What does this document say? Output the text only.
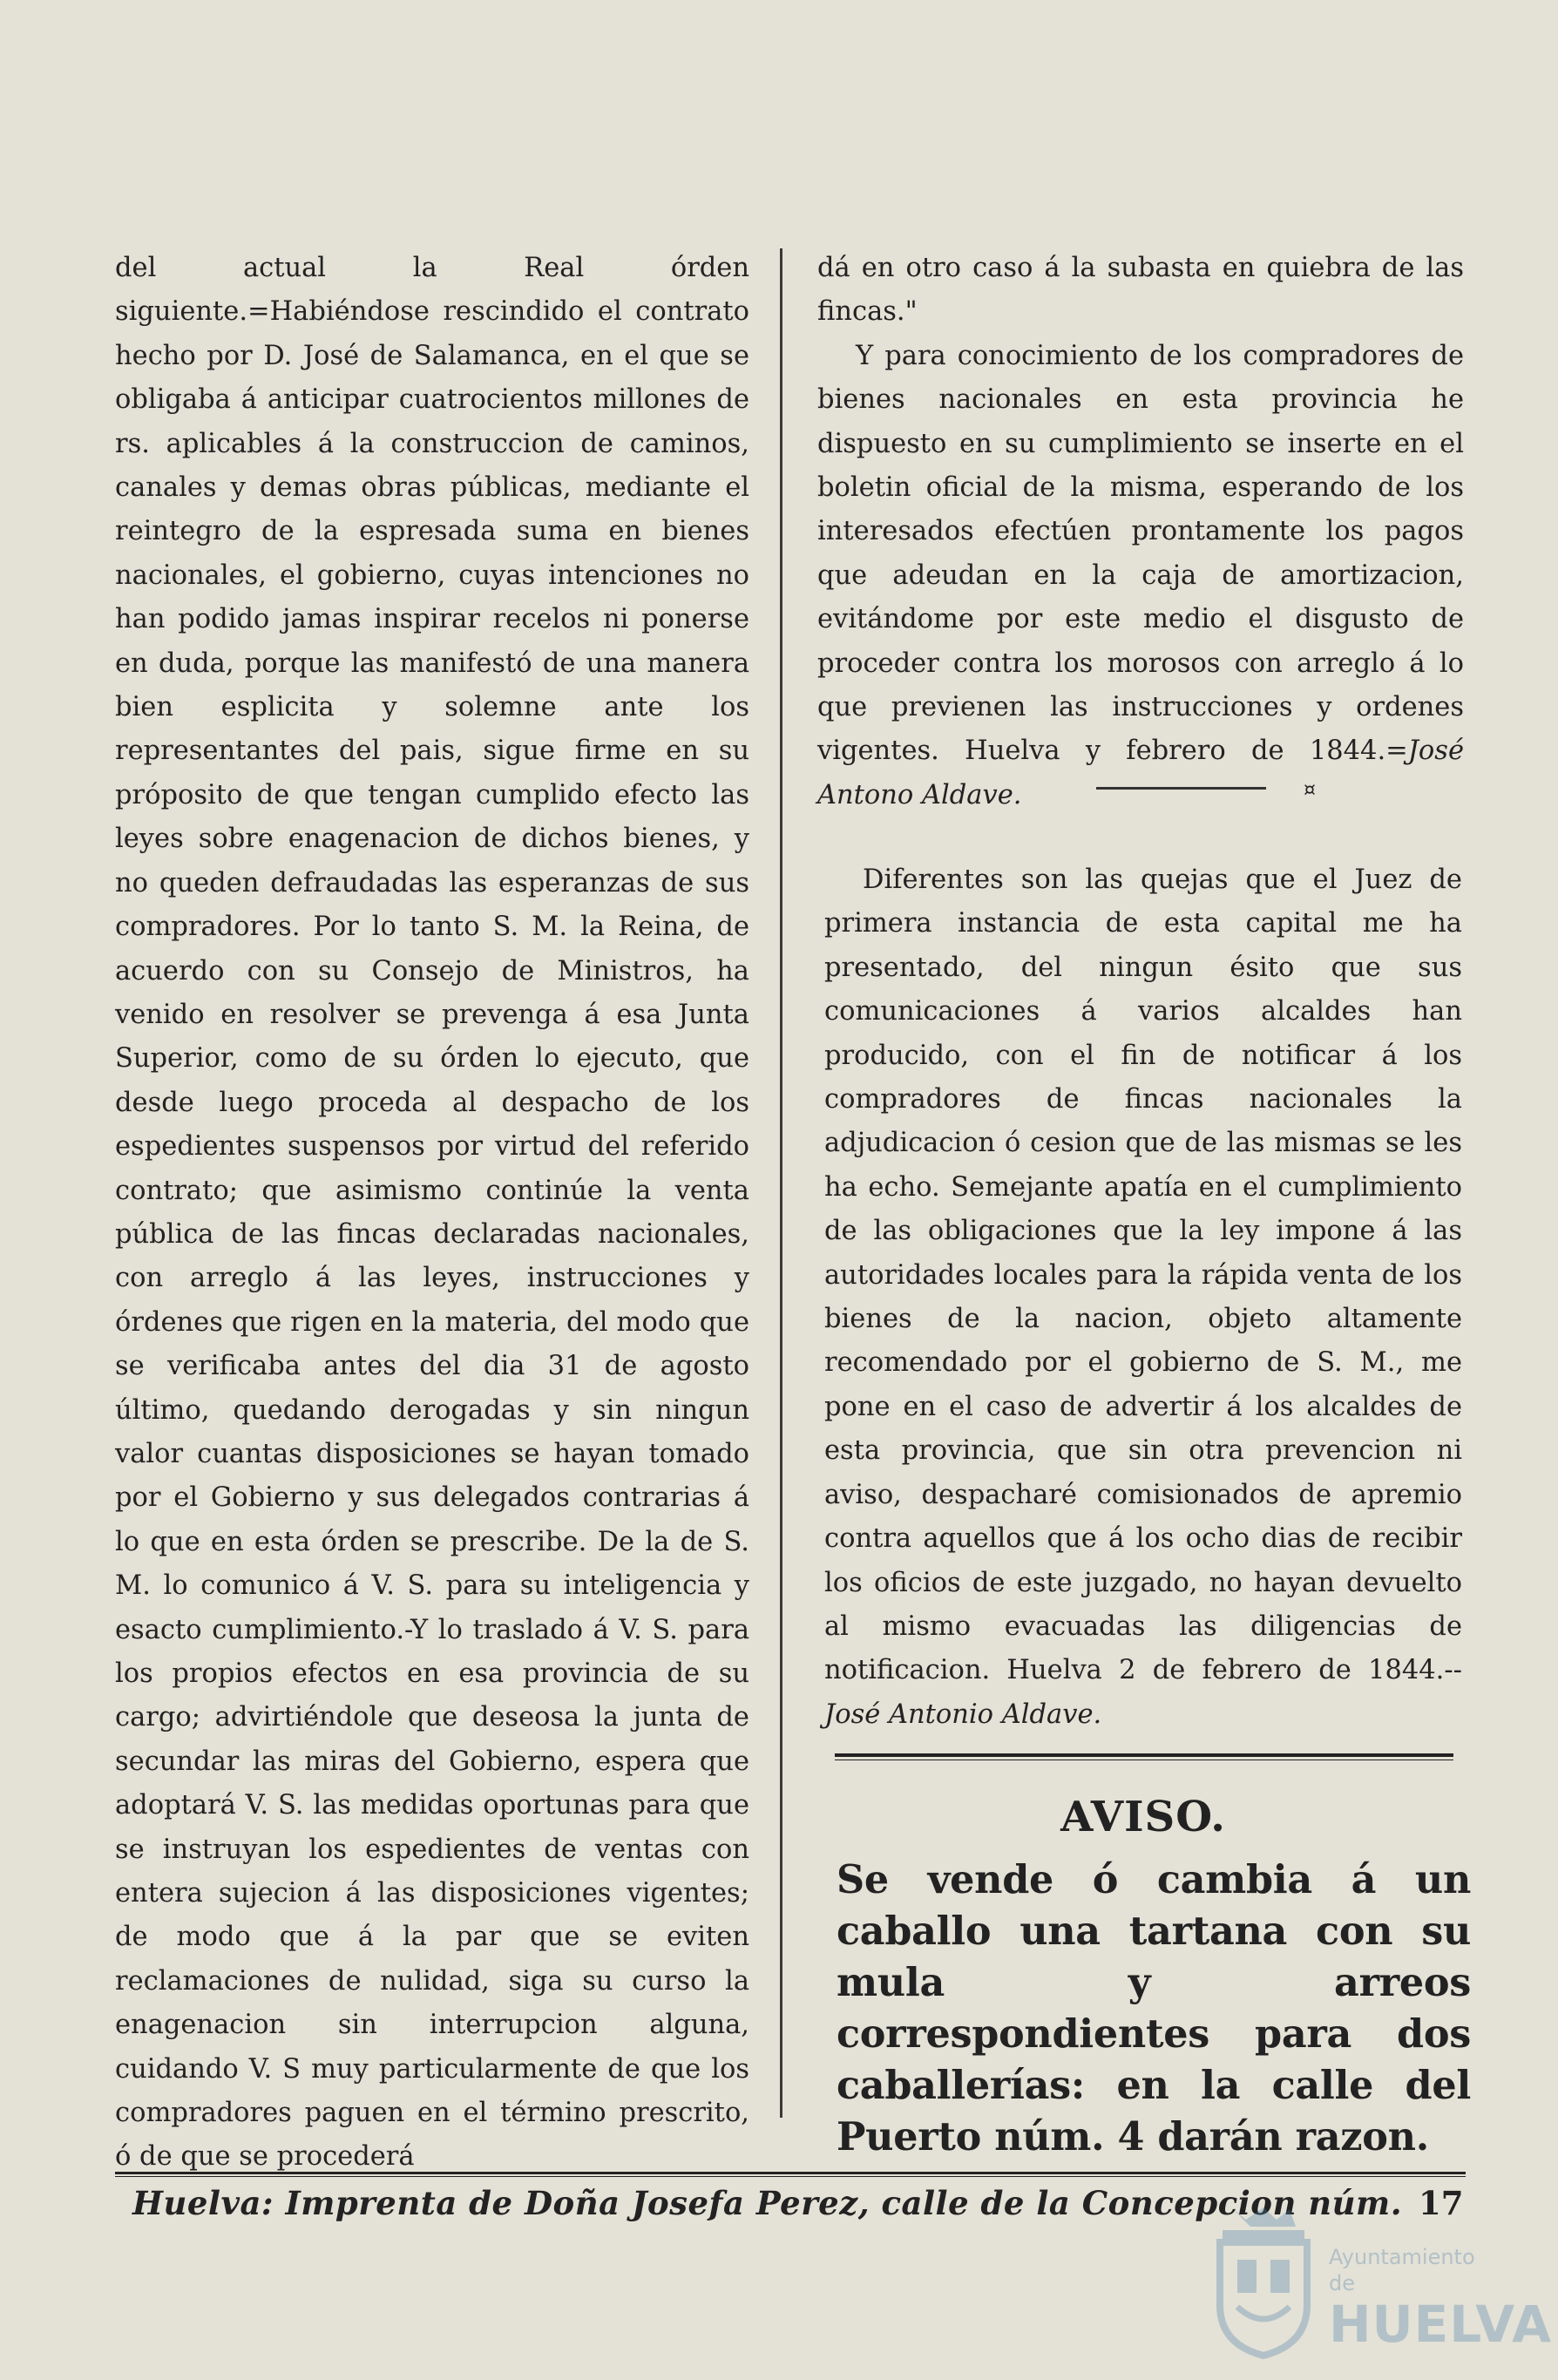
del actual la Real órden siguiente.=Habiéndose rescindido el contrato hecho por D. José de Salamanca, en el que se obligaba á anticipar cuatrocientos millones de rs. aplicables á la construccion de caminos, canales y demas obras públicas, mediante el reintegro de la espresada suma en bienes nacionales, el gobierno, cuyas intenciones no han podido jamas inspirar recelos ni ponerse en duda, porque las manifestó de una manera bien esplicita y solemne ante los representantes del pais, sigue firme en su próposito de que tengan cumplido efecto las leyes sobre enagenacion de dichos bienes, y no queden defraudadas las esperanzas de sus compradores. Por lo tanto S. M. la Reina, de acuerdo con su Consejo de Ministros, ha venido en resolver se prevenga á esa Junta Superior, como de su órden lo ejecuto, que desde luego proceda al despacho de los espedientes suspensos por virtud del referido contrato; que asimismo continúe la venta pública de las fincas declaradas nacionales, con arreglo á las leyes, instrucciones y órdenes que rigen en la materia, del modo que se verificaba antes del dia 31 de agosto último, quedando derogadas y sin ningun valor cuantas disposiciones se hayan tomado por el Gobierno y sus delegados contrarias á lo que en esta órden se prescribe. De la de S. M. lo comunico á V. S. para su inteligencia y esacto cumplimiento.-Y lo traslado á V. S. para los propios efectos en esa provincia de su cargo; advirtiéndole que deseosa la junta de secundar las miras del Gobierno, espera que adoptará V. S. las medidas oportunas para que se instruyan los espedientes de ventas con entera sujecion á las disposiciones vigentes; de modo que á la par que se eviten reclamaciones de nulidad, siga su curso la enagenacion sin interrupcion alguna, cuidando V. S muy particularmente de que los compradores paguen en el término prescrito, ó de que se procederá

dá en otro caso á la subasta en quiebra de las fincas."

Y para conocimiento de los compradores de bienes nacionales en esta provincia he dispuesto en su cumplimiento se inserte en el boletin oficial de la misma, esperando de los interesados efectúen prontamente los pagos que adeudan en la caja de amortizacion, evitándome por este medio el disgusto de proceder contra los morosos con arreglo á lo que previenen las instrucciones y ordenes vigentes. Huelva y febrero de 1844.=José Antono Aldave.	¤

Diferentes son las quejas que el Juez de primera instancia de esta capital me ha presentado, del ningun ésito que sus comunicaciones á varios alcaldes han producido, con el fin de notificar á los compradores de fincas nacionales la adjudicacion ó cesion que de las mismas se les ha echo. Semejante apatía en el cumplimiento de las obligaciones que la ley impone á las autoridades locales para la rápida venta de los bienes de la nacion, objeto altamente recomendado por el gobierno de S. M., me pone en el caso de advertir á los alcaldes de esta provincia, que sin otra prevencion ni aviso, despacharé comisionados de apremio contra aquellos que á los ocho dias de recibir los oficios de este juzgado, no hayan devuelto al mismo evacuadas las diligencias de notificacion. Huelva 2 de febrero de 1844.--José Antonio Aldave.

AVISO.
Se vende ó cambia á un caballo una tartana con su mula y arreos correspondientes para dos caballerías: en la calle del Puerto núm. 4 darán razon.
Huelva: Imprenta de Doña Josefa Perez, calle de la Concepcion núm. 17
Ayuntamiento de
HUELVA
